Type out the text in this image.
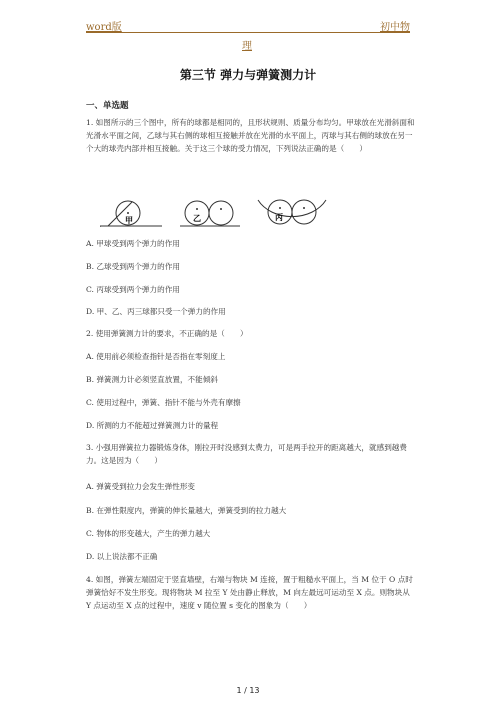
word版	初中物
理
第三节 弹力与弹簧测力计
一、单选题
1. 如图所示的三个图中，所有的球都是相同的，且形状规则、质量分布均匀。甲球放在光滑斜面和光滑水平面之间，乙球与其右侧的球相互接触并放在光滑的水平面上，丙球与其右侧的球放在另一个大的球壳内部并相互接触。关于这三个球的受力情况，下列说法正确的是（　　）
甲	乙	丙
A. 甲球受到两个弹力的作用
B. 乙球受到两个弹力的作用
C. 丙球受到两个弹力的作用
D. 甲、乙、丙三球都只受一个弹力的作用
2. 使用弹簧测力计的要求，不正确的是（　　）
A. 使用前必须检查指针是否指在零刻度上
B. 弹簧测力计必须竖直放置，不能倾斜
C. 使用过程中，弹簧、指针不能与外壳有摩擦
D. 所测的力不能超过弹簧测力计的量程
3. 小强用弹簧拉力器锻炼身体，刚拉开时没感到太费力，可是两手拉开的距离越大，就感到越费力。这是因为（　　）
A. 弹簧受到拉力会发生弹性形变
B. 在弹性限度内，弹簧的伸长量越大，弹簧受到的拉力越大
C. 物体的形变越大，产生的弹力越大
D. 以上说法都不正确
4. 如图，弹簧左端固定于竖直墙壁，右端与物块 M 连接，置于粗糙水平面上，当 M 位于 O 点时弹簧恰好不发生形变。现将物块 M 拉至 Y 处由静止释放，M 向左最远可运动至 X 点。则物块从 Y 点运动至 X 点的过程中，速度 v 随位置 s 变化的图象为（　　）
1 / 13
